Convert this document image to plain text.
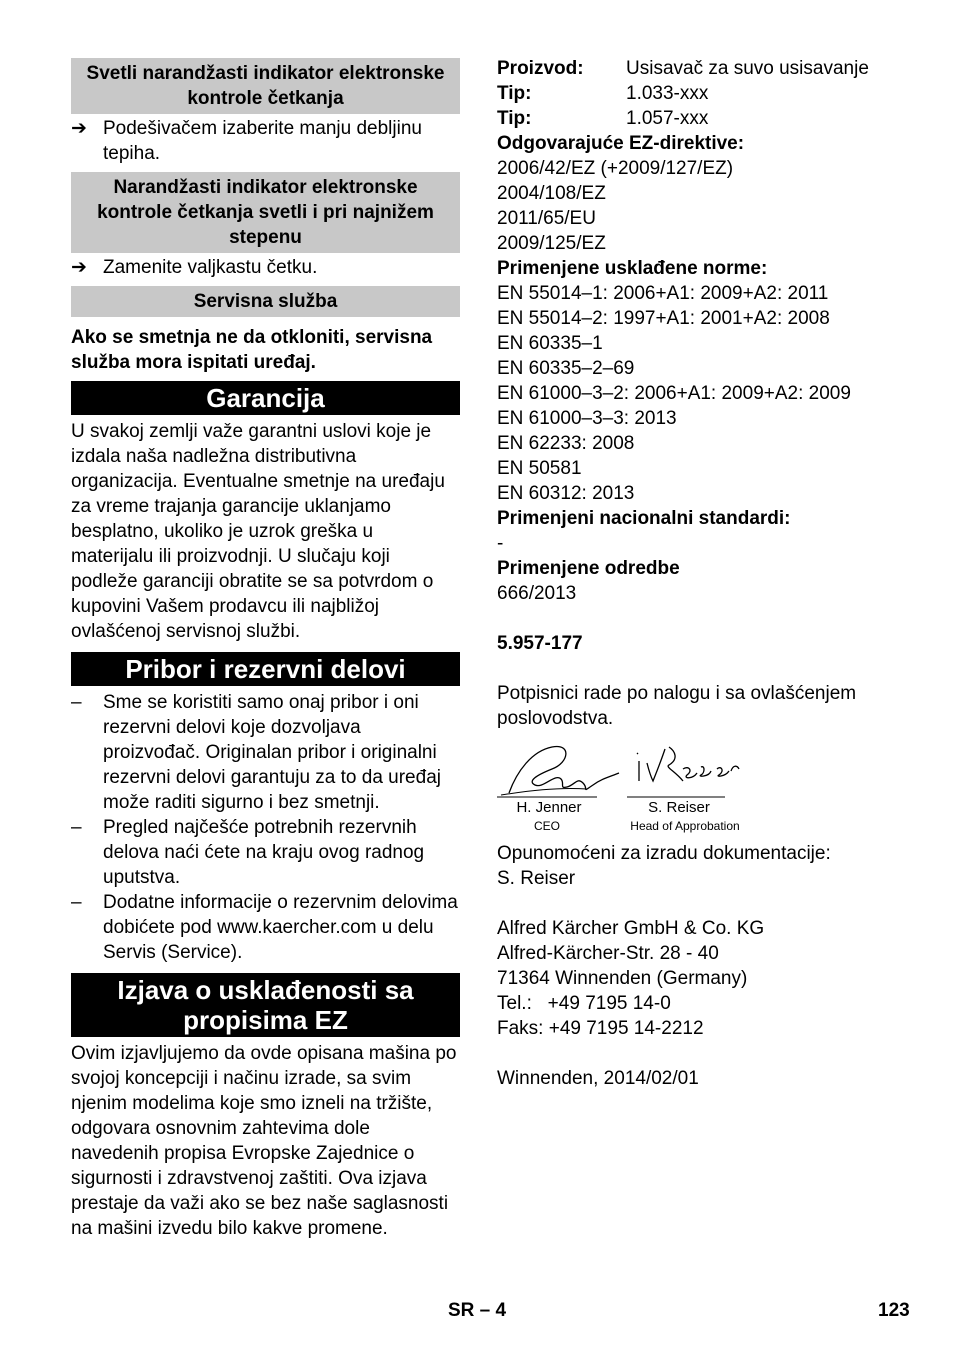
Svetli narandžasti indikator elektronske kontrole četkanja
➔ Podešivačem izaberite manju debljinu tepiha.
Narandžasti indikator elektronske kontrole četkanja svetli i pri najnižem stepenu
➔ Zamenite valjkastu četku.
Servisna služba

Ako se smetnja ne da otkloniti, servisna služba mora ispitati uređaj.

Garancija

U svakoj zemlji važe garantni uslovi koje je izdala naša nadležna distributivna organizacija. Eventualne smetnje na uređaju za vreme trajanja garancije uklanjamo besplatno, ukoliko je uzrok greška u materijalu ili proizvodnji. U slučaju koji podleže garanciji obratite se sa potvrdom o kupovini Vašem prodavcu ili najbližoj ovlašćenoj servisnoj službi.

Pribor i rezervni delovi
–	Sme se koristiti samo onaj pribor i oni rezervni delovi koje dozvoljava proizvođač. Originalan pribor i originalni rezervni delovi garantuju za to da uređaj može raditi sigurno i bez smetnji.
–	Pregled najčešće potrebnih rezervnih delova naći ćete na kraju ovog radnog uputstva.
–	Dodatne informacije o rezervnim delovima dobićete pod www.kaercher.com u delu Servis (Service).
Izjava o usklađenosti sa propisima EZ

Ovim izjavljujemo da ovde opisana mašina po svojoj koncepciji i načinu izrade, sa svim njenim modelima koje smo izneli na tržište, odgovara osnovnim zahtevima dole navedenih propisa Evropske Zajednice o sigurnosti i zdravstvenoj zaštiti. Ova izjava prestaje da važi ako se bez naše saglasnosti na mašini izvedu bilo kakve promene.

Proizvod:	Usisavač za suvo usisavanje
Tip:	1.033-xxx
Tip:	1.057-xxx

Odgovarajuće EZ-direktive:

2006/42/EZ (+2009/127/EZ)

2004/108/EZ

2011/65/EU

2009/125/EZ

Primenjene usklađene norme:

EN 55014–1: 2006+A1: 2009+A2: 2011

EN 55014–2: 1997+A1: 2001+A2: 2008

EN 60335–1

EN 60335–2–69

EN 61000–3–2: 2006+A1: 2009+A2: 2009

EN 61000–3–3: 2013

EN 62233: 2008

EN 50581

EN 60312: 2013

Primenjeni nacionalni standardi:

-

Primenjene odredbe

666/2013

5.957-177

Potpisnici rade po nalogu i sa ovlašćenjem poslovodstva.

H. Jenner
CEO
S. Reiser
Head of Approbation

Opunomoćeni za izradu dokumentacije:

S. Reiser

Alfred Kärcher GmbH & Co. KG

Alfred-Kärcher-Str. 28 - 40

71364 Winnenden (Germany)

Tel.:   +49 7195 14-0

Faks: +49 7195 14-2212

Winnenden, 2014/02/01

SR – 4	123
